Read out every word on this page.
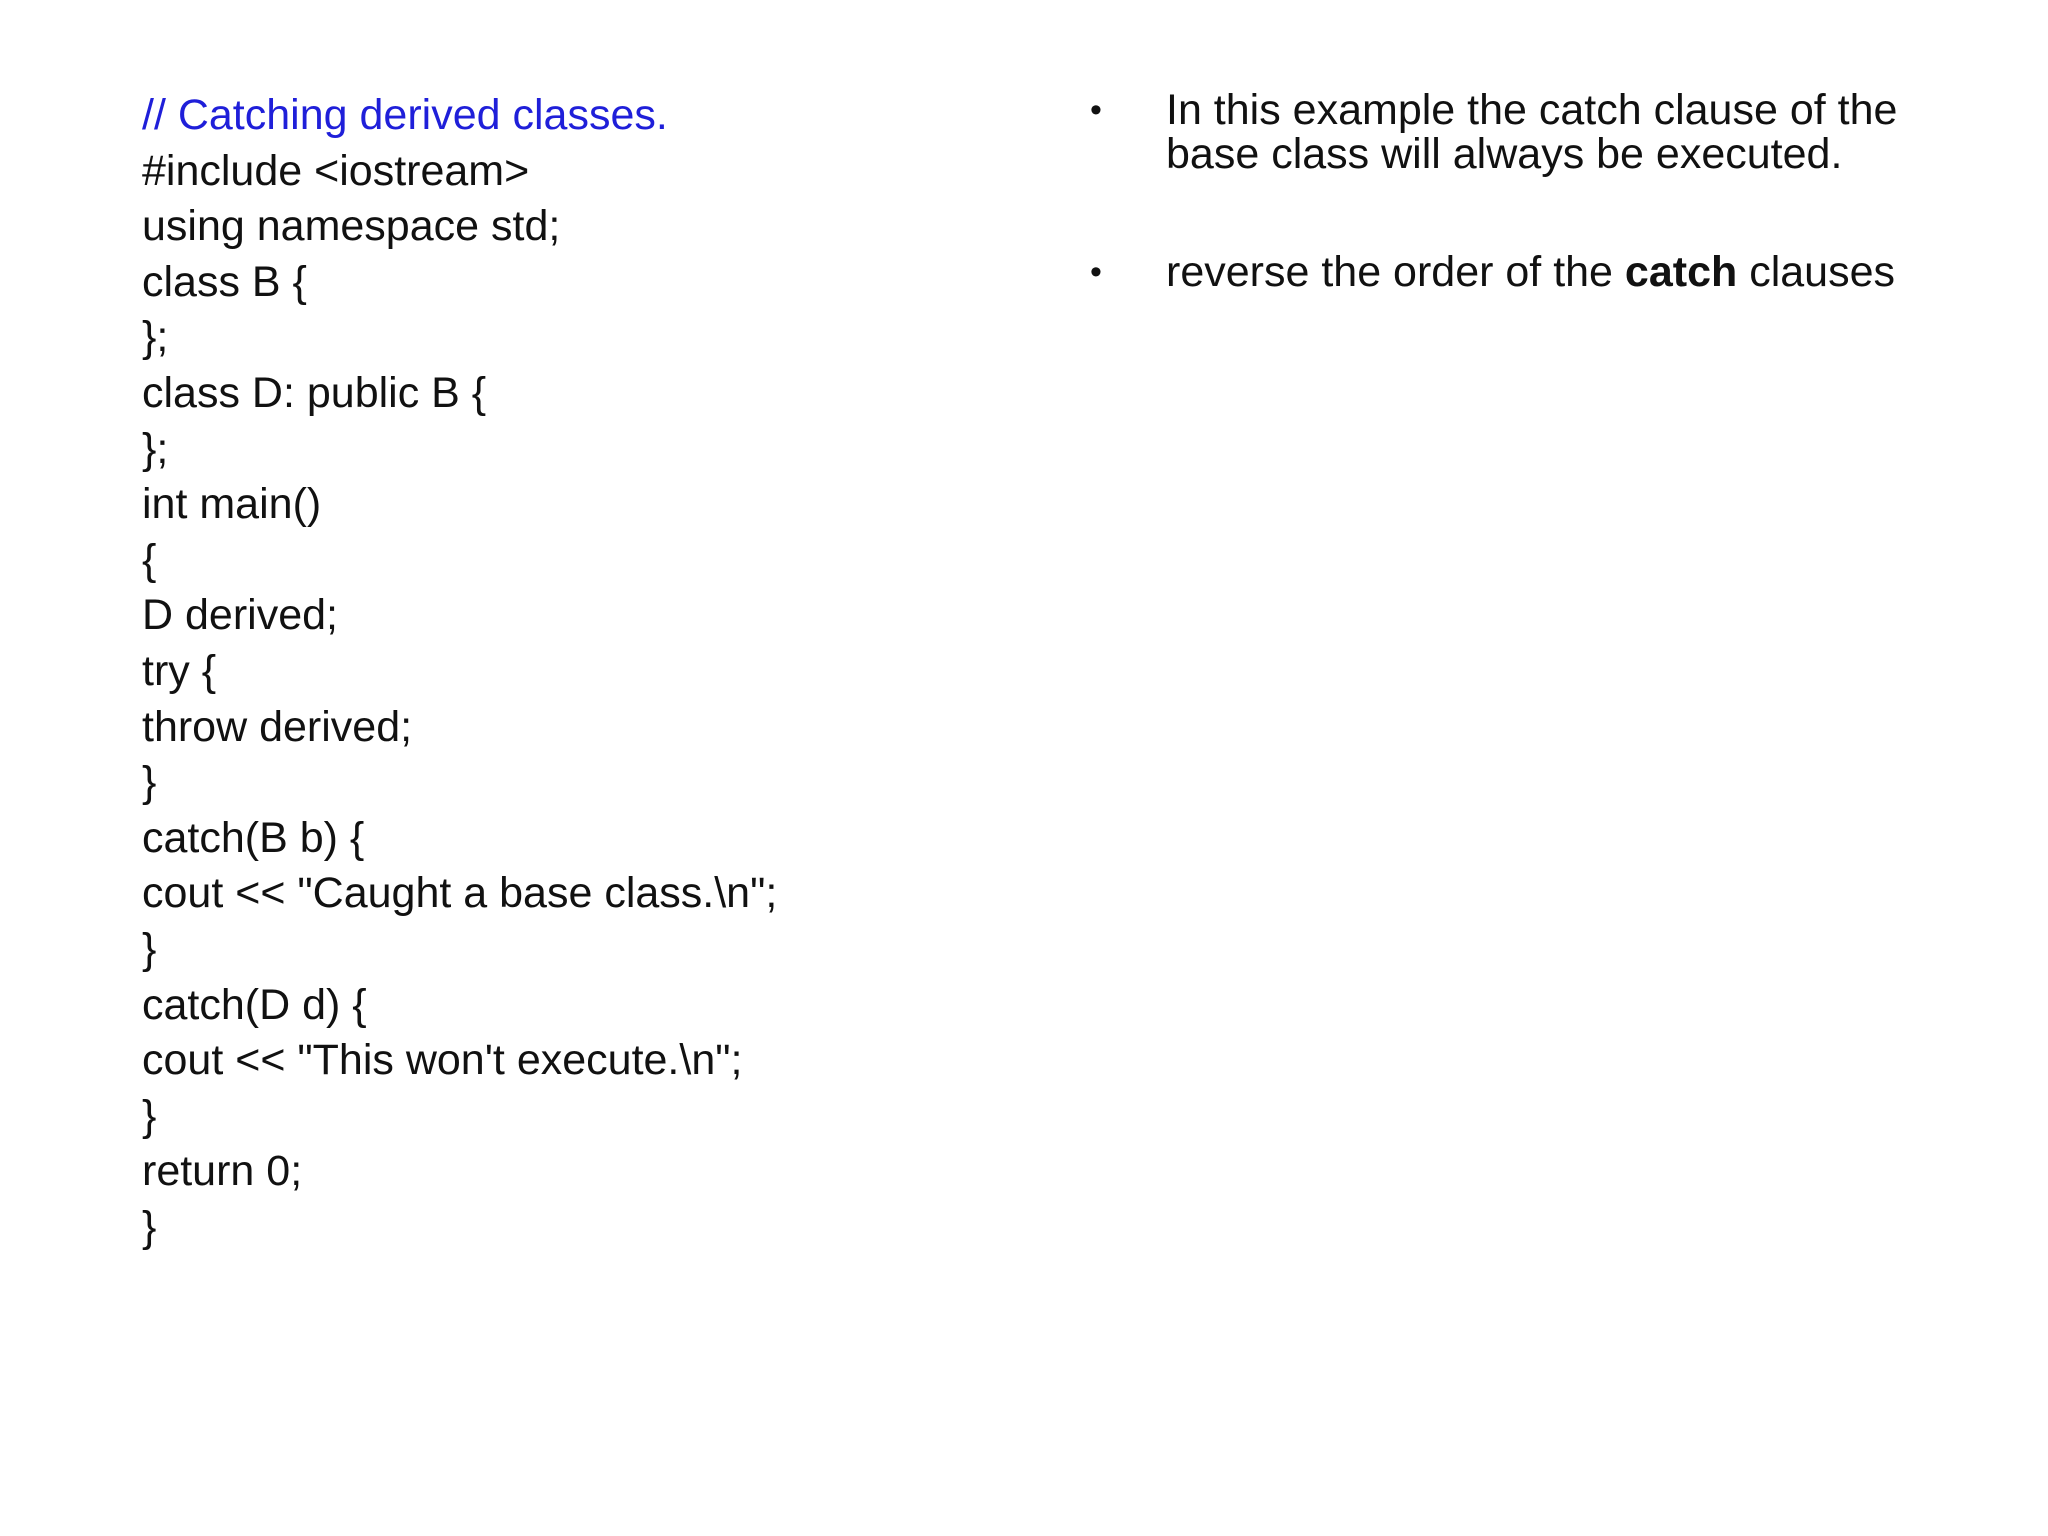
// Catching derived classes.
#include <iostream>
using namespace std;
class B {
};
class D: public B {
};
int main()
{
D derived;
try {
throw derived;
}
catch(B b) {
cout << "Caught a base class.\n";
}
catch(D d) {
cout << "This won't execute.\n";
}
return 0;
}
• In this example the catch clause of the base class will always be executed.
• reverse the order of the catch clauses
